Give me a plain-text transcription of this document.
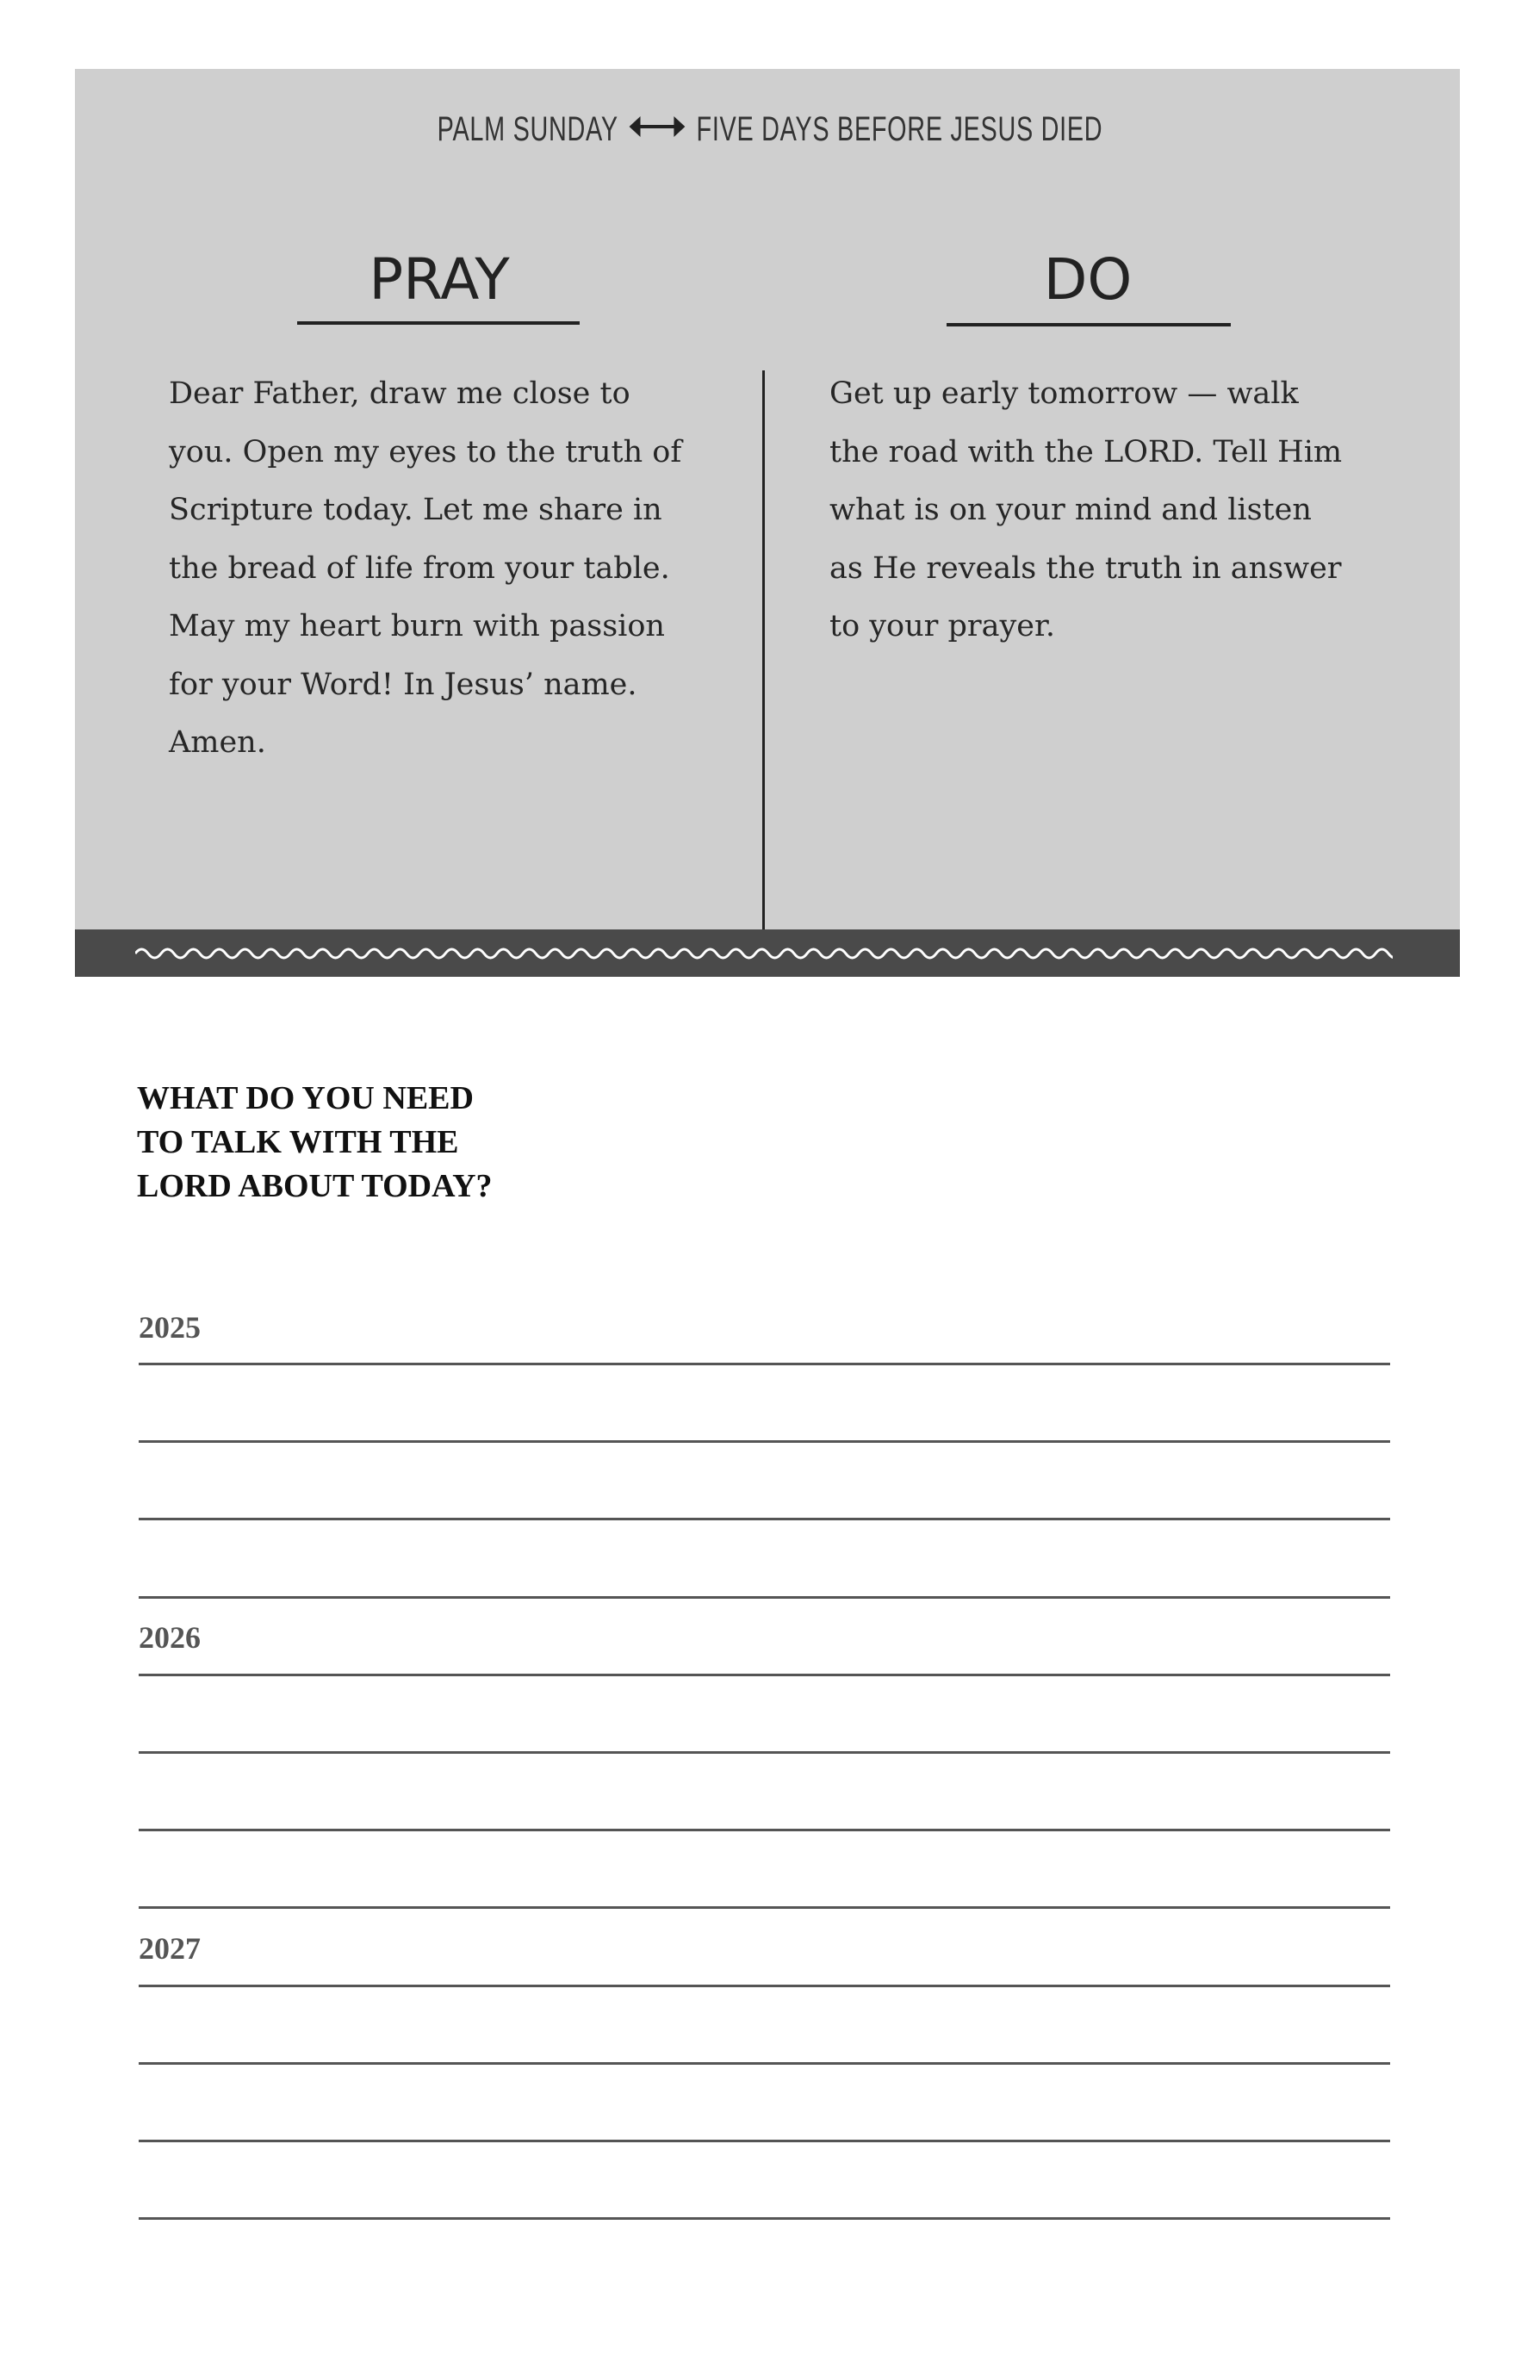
PALM SUNDAY FIVE DAYS BEFORE JESUS DIED
PRAY	DO
Dear Father, draw me close to
you. Open my eyes to the truth of
Scripture today. Let me share in
the bread of life from your table.
May my heart burn with passion
for your Word! In Jesus’ name.
Amen.
Get up early tomorrow — walk
the road with the LORD. Tell Him
what is on your mind and listen
as He reveals the truth in answer
to your prayer.
WHAT DO YOU NEED
TO TALK WITH THE
LORD ABOUT TODAY?
2025
2026
2027
